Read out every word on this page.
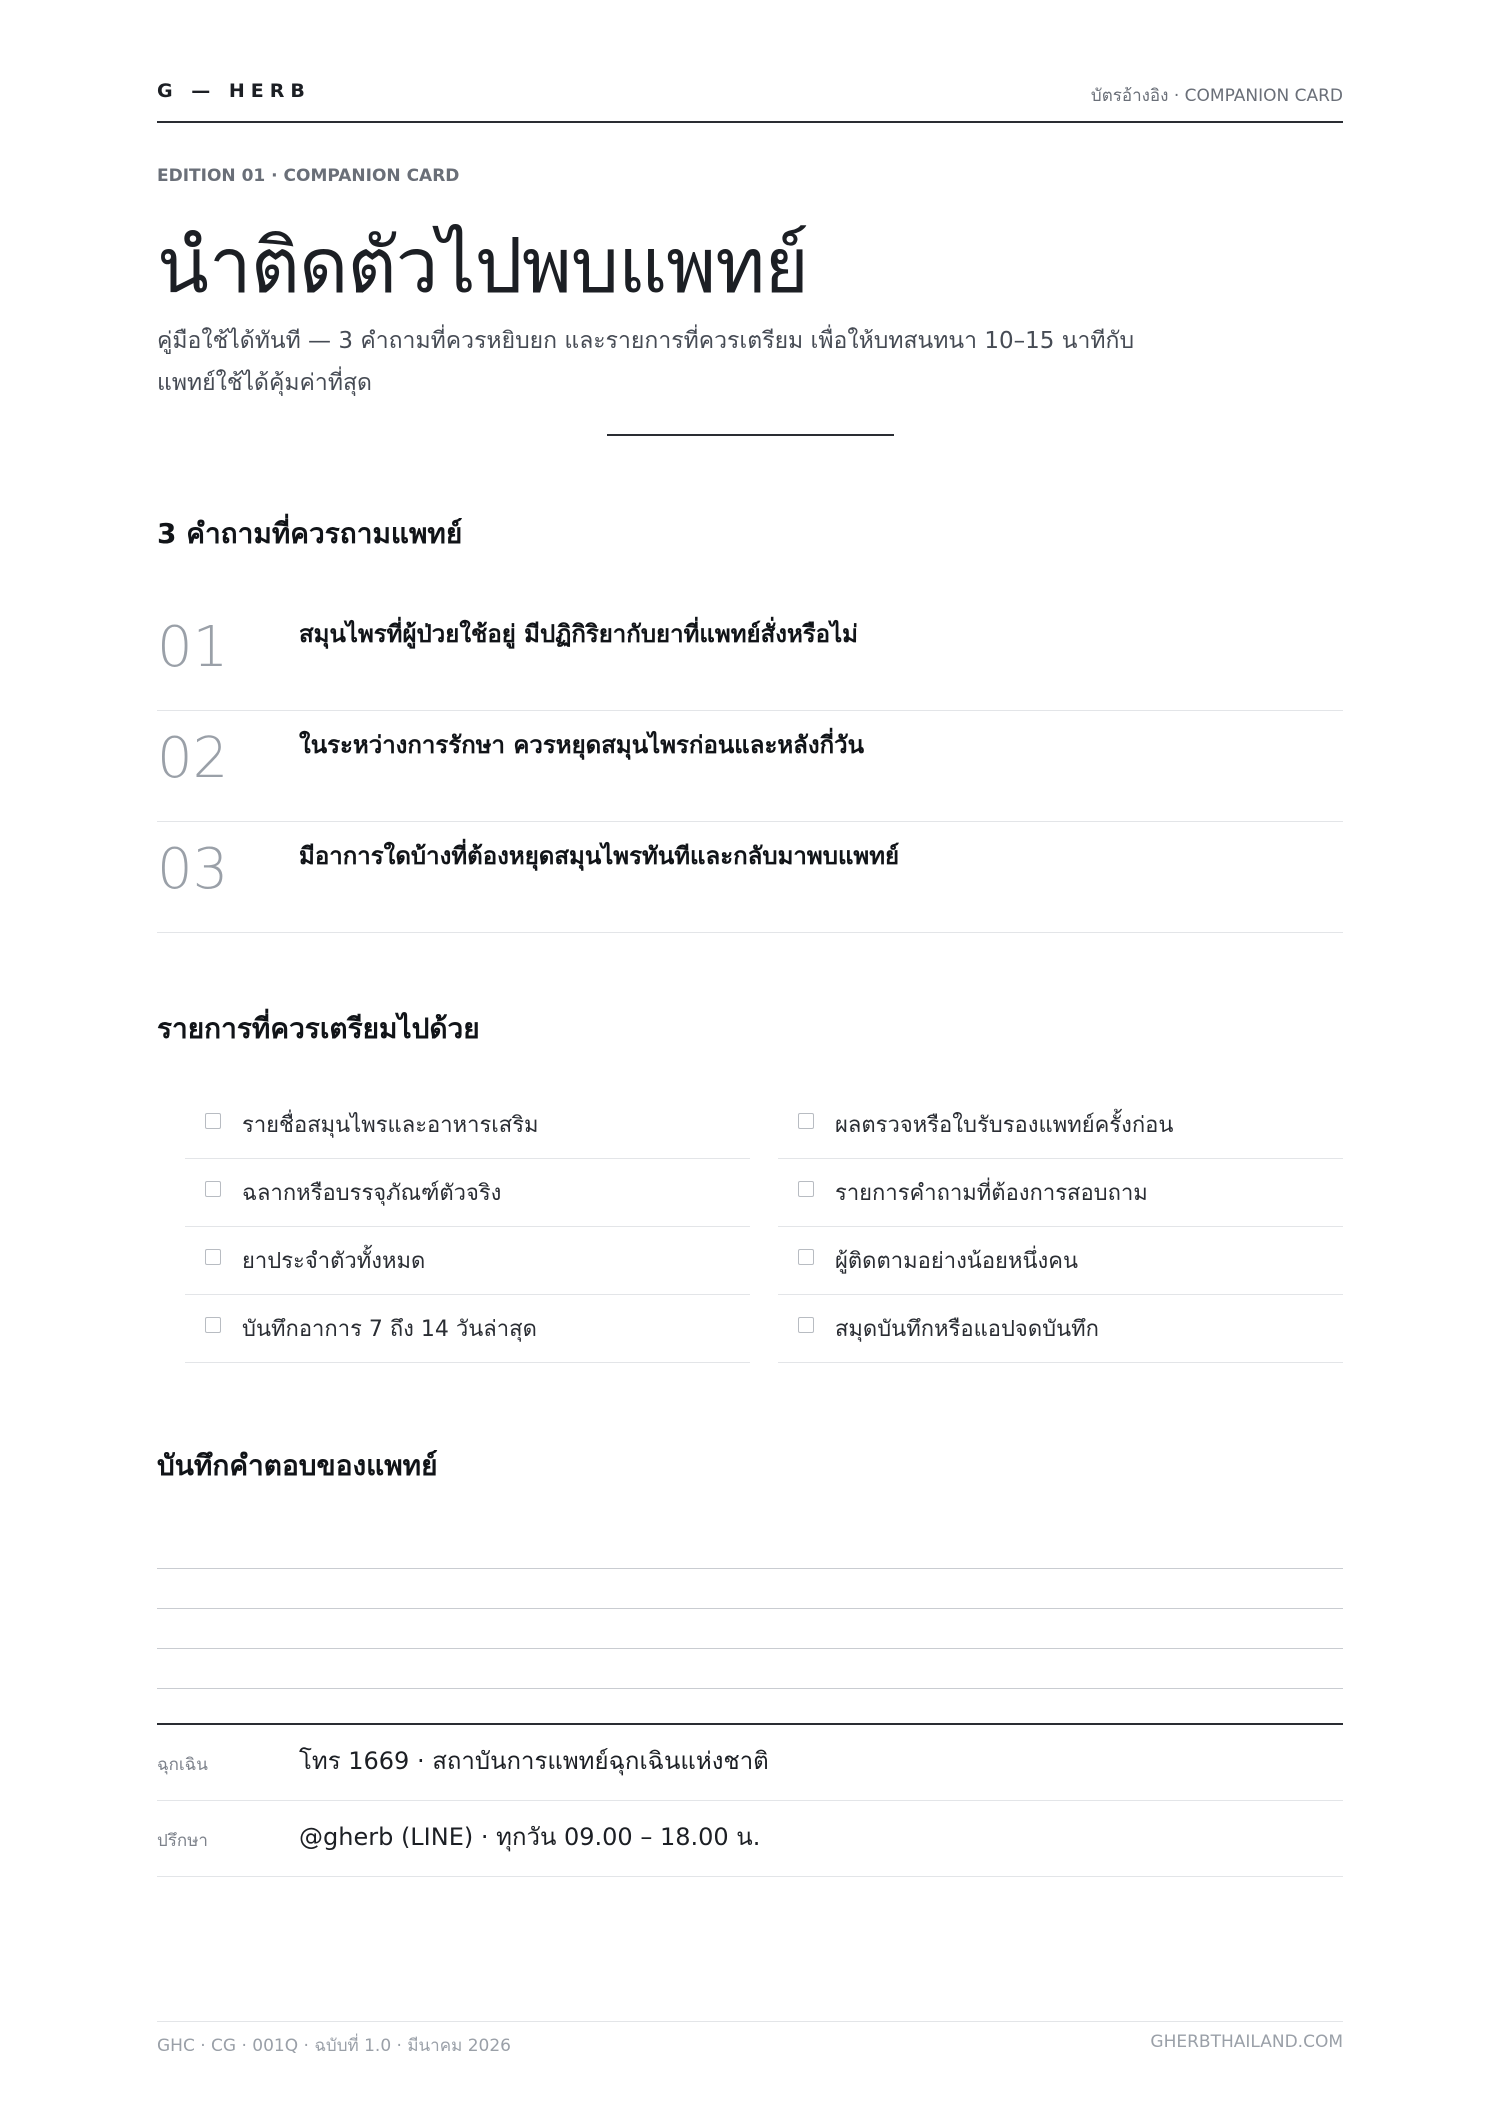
G — HERB	บัตรอ้างอิง · COMPANION CARD
EDITION 01 · COMPANION CARD
นำติดตัวไปพบแพทย์
คู่มือใช้ได้ทันที — 3 คำถามที่ควรหยิบยก และรายการที่ควรเตรียม เพื่อให้บทสนทนา 10–15 นาทีกับแพทย์ใช้ได้คุ้มค่าที่สุด
3 คำถามที่ควรถามแพทย์
01	สมุนไพรที่ผู้ป่วยใช้อยู่ มีปฏิกิริยากับยาที่แพทย์สั่งหรือไม่
02	ในระหว่างการรักษา ควรหยุดสมุนไพรก่อนและหลังกี่วัน
03	มีอาการใดบ้างที่ต้องหยุดสมุนไพรทันทีและกลับมาพบแพทย์
รายการที่ควรเตรียมไปด้วย
รายชื่อสมุนไพรและอาหารเสริม
ฉลากหรือบรรจุภัณฑ์ตัวจริง
ยาประจำตัวทั้งหมด
บันทึกอาการ 7 ถึง 14 วันล่าสุด
ผลตรวจหรือใบรับรองแพทย์ครั้งก่อน
รายการคำถามที่ต้องการสอบถาม
ผู้ติดตามอย่างน้อยหนึ่งคน
สมุดบันทึกหรือแอปจดบันทึก
บันทึกคำตอบของแพทย์
ฉุกเฉิน	โทร 1669 · สถาบันการแพทย์ฉุกเฉินแห่งชาติ
ปรึกษา	@gherb (LINE) · ทุกวัน 09.00 – 18.00 น.
GHC · CG · 001Q · ฉบับที่ 1.0 · มีนาคม 2026	GHERBTHAILAND.COM
